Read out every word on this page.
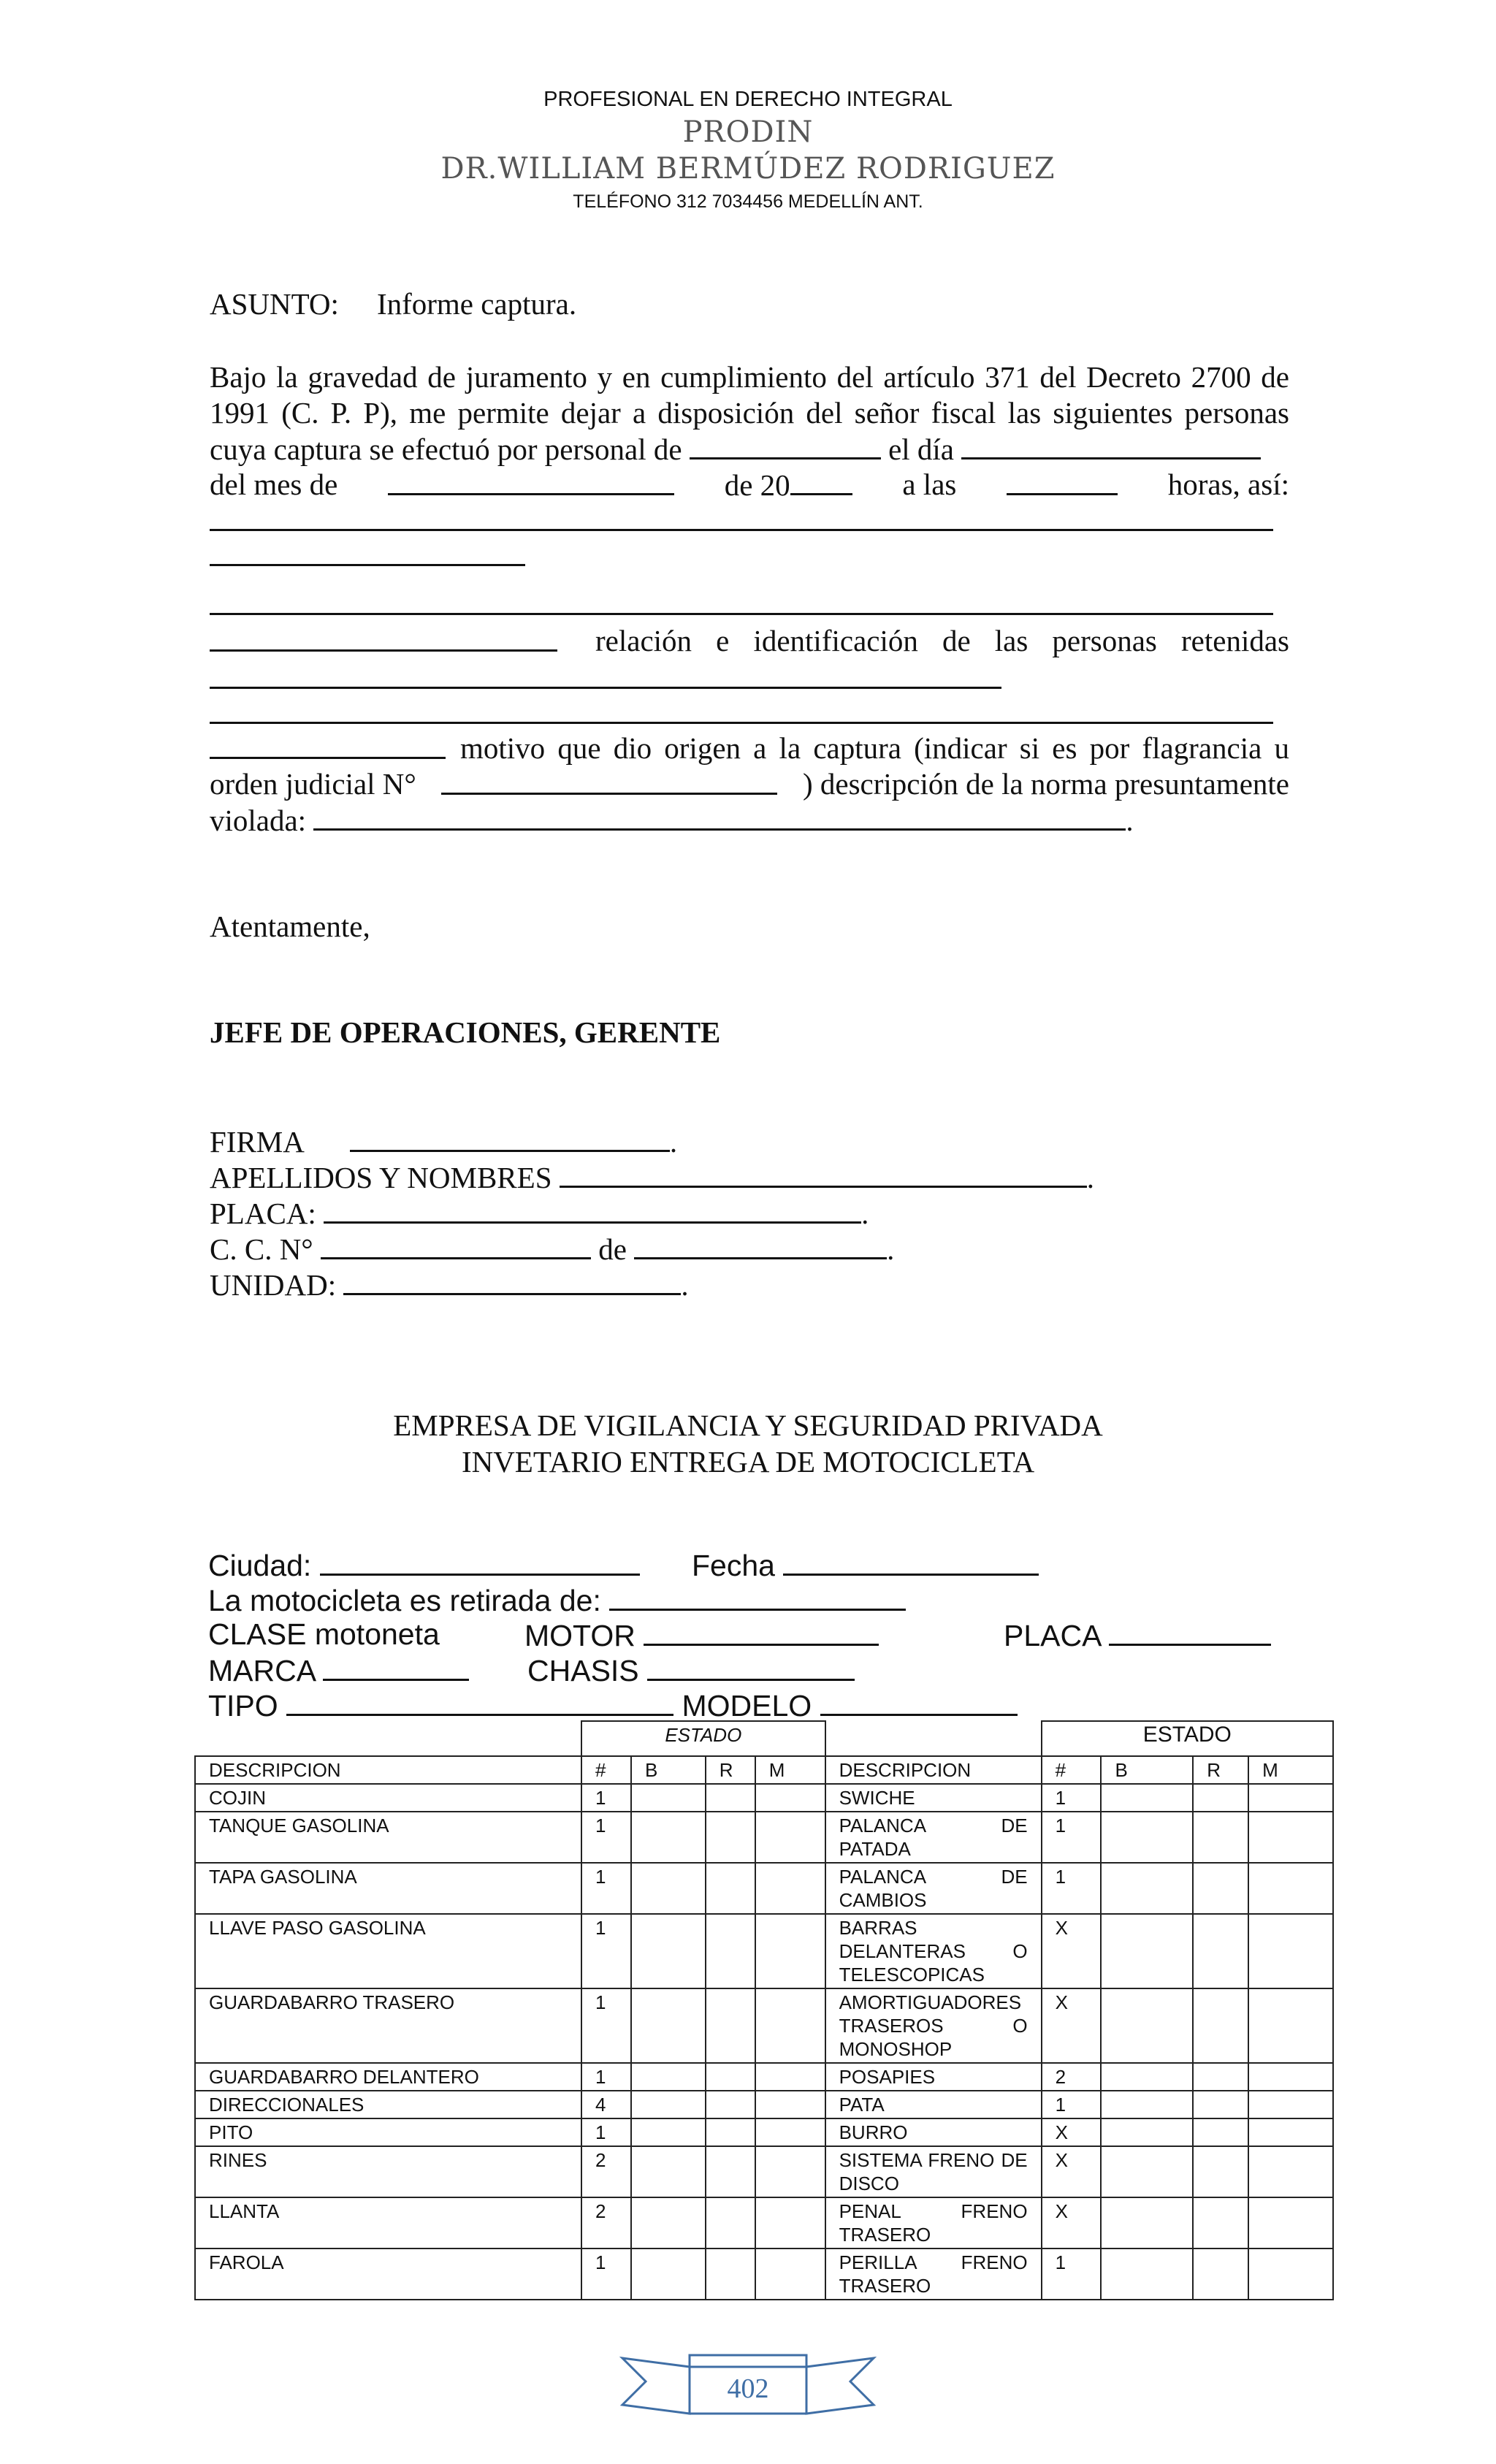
PROFESIONAL EN DERECHO INTEGRAL
PRODIN
DR.WILLIAM BERMÚDEZ RODRIGUEZ
TELÉFONO 312 7034456 MEDELLÍN ANT.
ASUNTO: Informe captura.
Bajo la gravedad de juramento y en cumplimiento del artículo 371 del Decreto 2700 de
1991 (C. P. P), me permite dejar a disposición del señor fiscal las siguientes personas
cuya captura se efectuó por personal de	el día
del mes de	de 20	a las	horas, así:
relación e identificación de las personas retenidas
motivo que dio origen a la captura (indicar si es por flagrancia u
orden judicial N°	) descripción de la norma presuntamente
violada:	.
Atentamente,
JEFE DE OPERACIONES, GERENTE
FIRMA	.
APELLIDOS Y NOMBRES	.
PLACA:	.
C. C. N°	de	.
UNIDAD:	.
EMPRESA DE VIGILANCIA Y SEGURIDAD PRIVADA
INVETARIO ENTREGA DE MOTOCICLETA
Ciudad:	Fecha
La motocicleta es retirada de:
CLASE motoneta	MOTOR	PLACA
MARCA	CHASIS
TIPO	MODELO
	ESTADO					ESTADO			
DESCRIPCION	#	B	R	M	DESCRIPCION	#	B	R	M
COJIN	1				SWICHE	1			
TANQUE GASOLINA	1				PALANCA DE PATADA	1			
TAPA GASOLINA	1				PALANCA DE CAMBIOS	1			
LLAVE PASO GASOLINA	1				BARRAS DELANTERAS O TELESCOPICAS	X			
GUARDABARRO TRASERO	1				AMORTIGUADORES TRASEROS O MONOSHOP	X			
GUARDABARRO DELANTERO	1				POSAPIES	2			
DIRECCIONALES	4				PATA	1			
PITO	1				BURRO	X			
RINES	2				SISTEMA FRENO DE DISCO	X			
LLANTA	2				PENAL FRENO TRASERO	X			
FAROLA	1				PERILLA FRENO TRASERO	1			
402
